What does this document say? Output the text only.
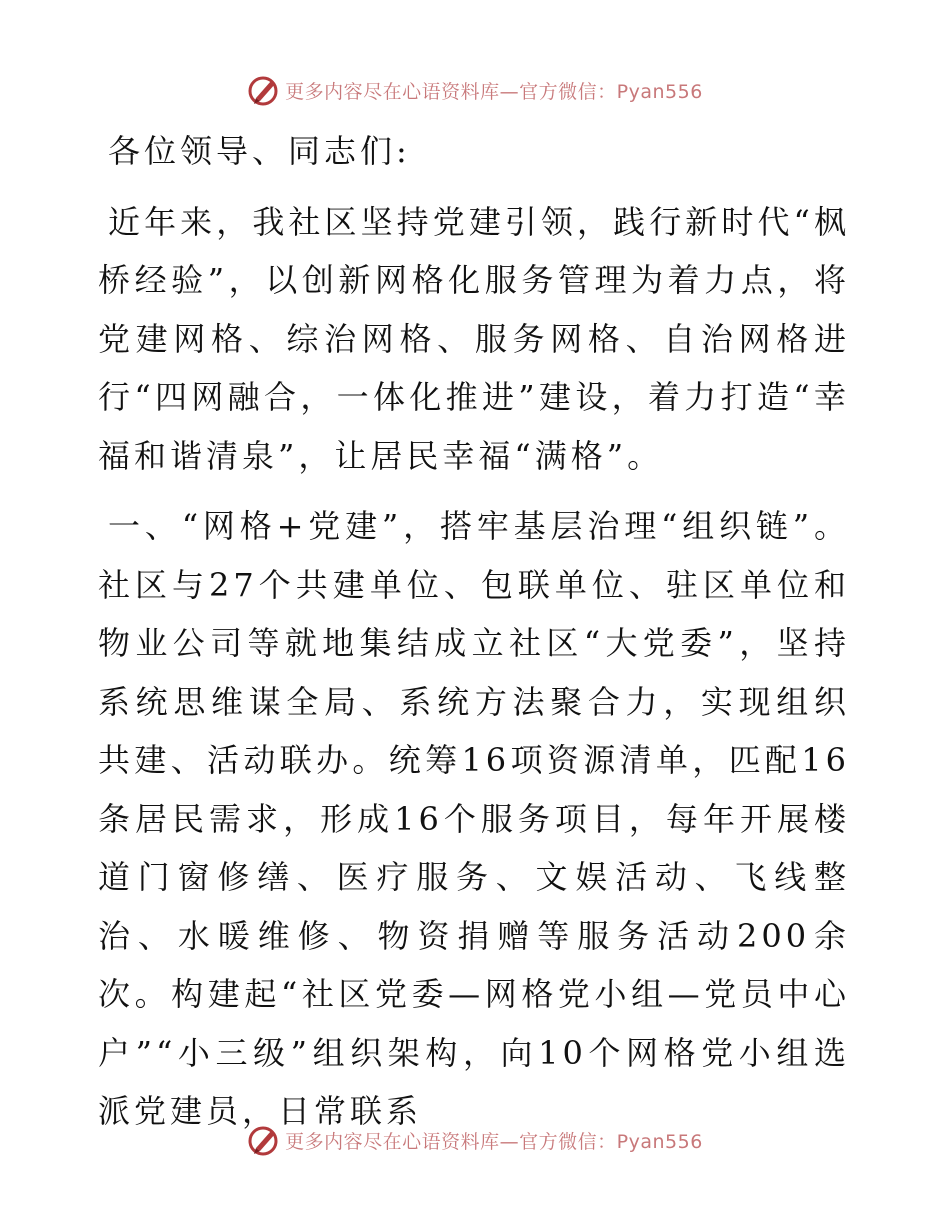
更多内容尽在心语资料库—官方微信：Pyan556

各位领导、同志们:

近年来，我社区坚持党建引领，践行新时代“枫桥经验”，以创新网格化服务管理为着力点，将党建网格、综治网格、服务网格、自治网格进行“四网融合，一体化推进”建设，着力打造“幸福和谐清泉”，让居民幸福“满格”。

一、“网格+党建”，搭牢基层治理“组织链”。社区与27个共建单位、包联单位、驻区单位和物业公司等就地集结成立社区“大党委”，坚持系统思维谋全局、系统方法聚合力，实现组织共建、活动联办。统筹16项资源清单，匹配16条居民需求，形成16个服务项目，每年开展楼道门窗修缮、医疗服务、文娱活动、飞线整治、水暖维修、物资捐赠等服务活动200余次。构建起“社区党委—网格党小组—党员中心户”“小三级”组织架构，向10个网格党小组选派党建员，日常联系

更多内容尽在心语资料库—官方微信：Pyan556
